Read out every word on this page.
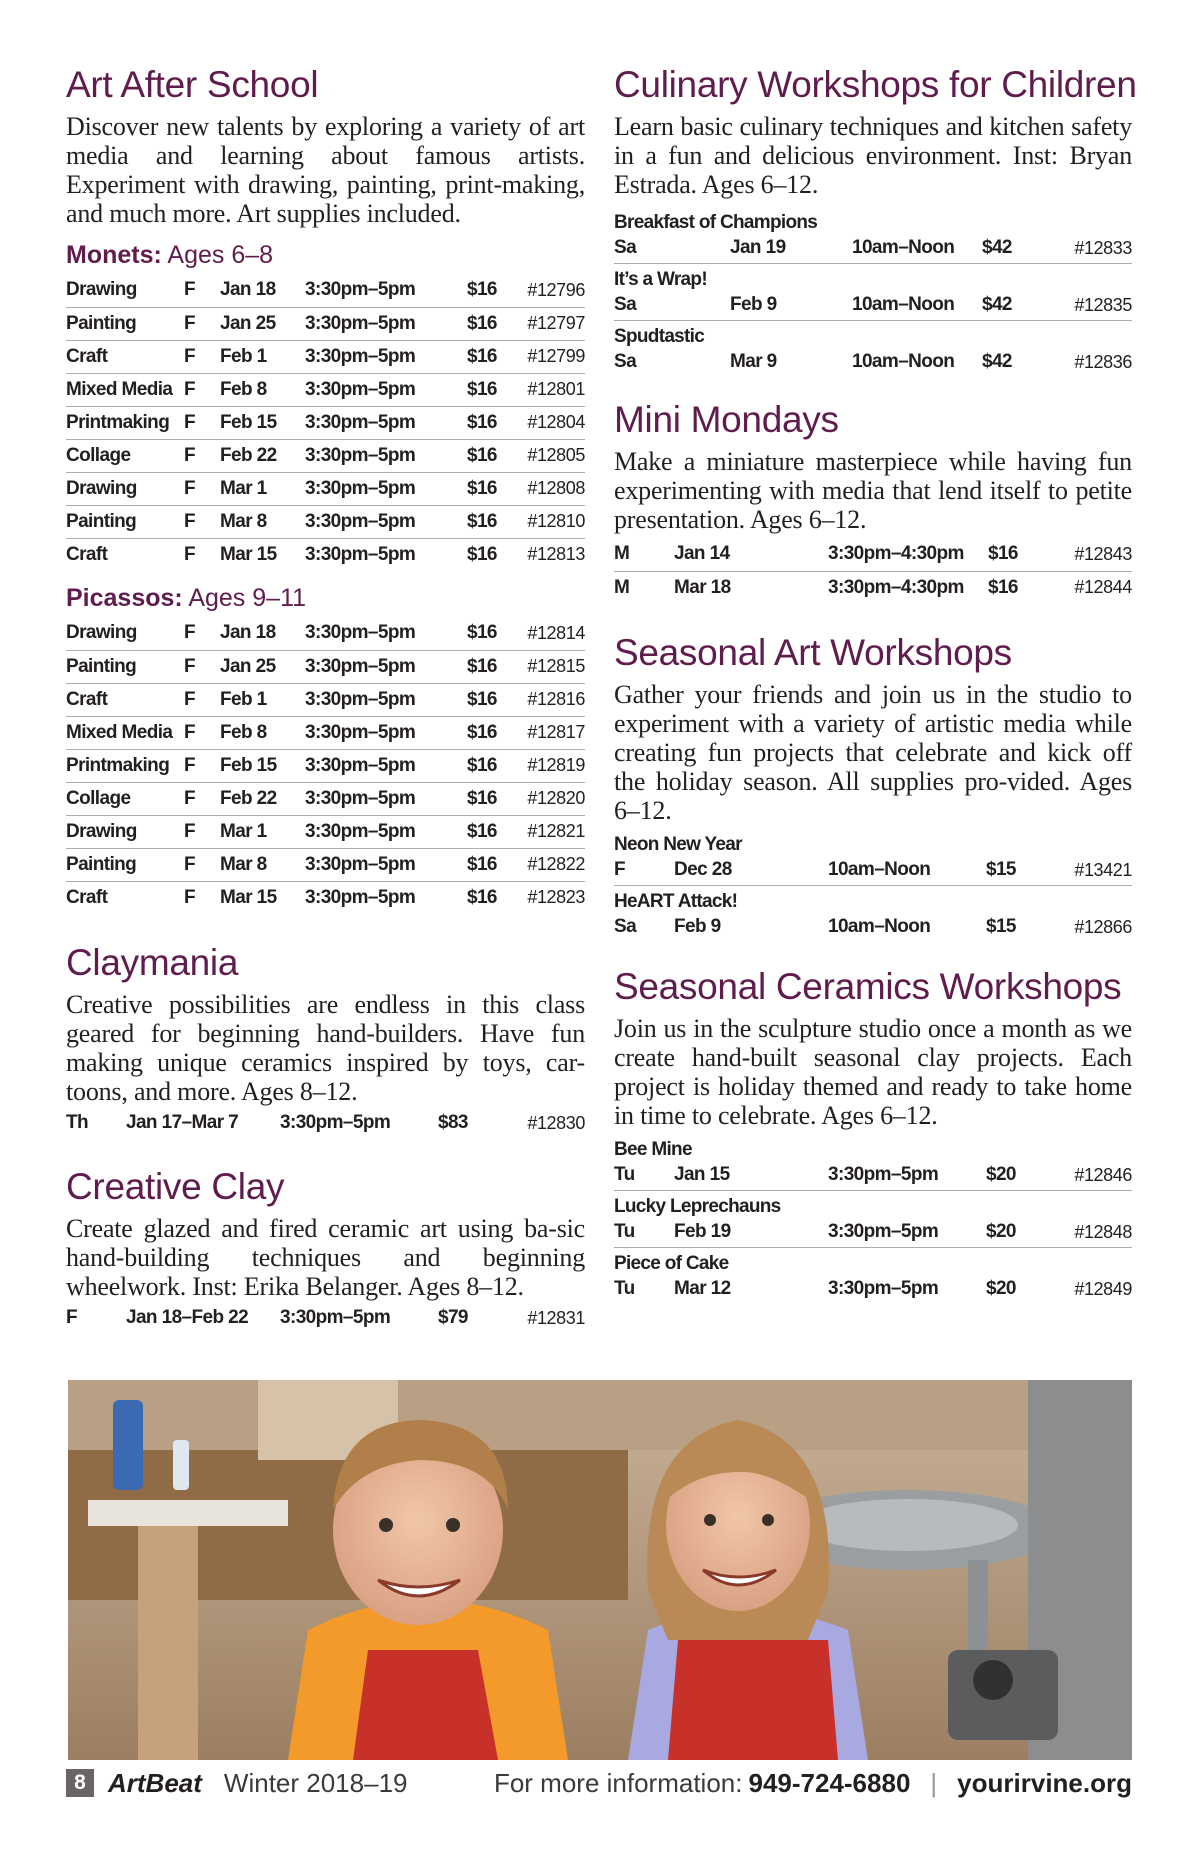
Art After School

Discover new talents by exploring a variety of art media and learning about famous artists. Experiment with drawing, painting, print-making, and much more. Art supplies included.

Monets: Ages 6–8
Drawing	F	Jan 18	3:30pm–5pm	$16	#12796
Painting	F	Jan 25	3:30pm–5pm	$16	#12797
Craft	F	Feb 1	3:30pm–5pm	$16	#12799
Mixed Media	F	Feb 8	3:30pm–5pm	$16	#12801
Printmaking	F	Feb 15	3:30pm–5pm	$16	#12804
Collage	F	Feb 22	3:30pm–5pm	$16	#12805
Drawing	F	Mar 1	3:30pm–5pm	$16	#12808
Painting	F	Mar 8	3:30pm–5pm	$16	#12810
Craft	F	Mar 15	3:30pm–5pm	$16	#12813
Picassos: Ages 9–11
Drawing	F	Jan 18	3:30pm–5pm	$16	#12814
Painting	F	Jan 25	3:30pm–5pm	$16	#12815
Craft	F	Feb 1	3:30pm–5pm	$16	#12816
Mixed Media	F	Feb 8	3:30pm–5pm	$16	#12817
Printmaking	F	Feb 15	3:30pm–5pm	$16	#12819
Collage	F	Feb 22	3:30pm–5pm	$16	#12820
Drawing	F	Mar 1	3:30pm–5pm	$16	#12821
Painting	F	Mar 8	3:30pm–5pm	$16	#12822
Craft	F	Mar 15	3:30pm–5pm	$16	#12823
Claymania

Creative possibilities are endless in this class geared for beginning hand-builders. Have fun making unique ceramics inspired by toys, car-toons, and more. Ages 8–12.

Th	Jan 17–Mar 7	3:30pm–5pm	$83	#12830
Creative Clay

Create glazed and fired ceramic art using ba-sic hand-building techniques and beginning wheelwork. Inst: Erika Belanger. Ages 8–12.

F	Jan 18–Feb 22	3:30pm–5pm	$79	#12831
Culinary Workshops for Children

Learn basic culinary techniques and kitchen safety in a fun and delicious environment. Inst: Bryan Estrada. Ages 6–12.

Breakfast of Champions
Sa	Jan 19	10am–Noon	$42	#12833
It’s a Wrap!
Sa	Feb 9	10am–Noon	$42	#12835
Spudtastic
Sa	Mar 9	10am–Noon	$42	#12836
Mini Mondays

Make a miniature masterpiece while having fun experimenting with media that lend itself to petite presentation. Ages 6–12.

M	Jan 14	3:30pm–4:30pm	$16	#12843
M	Mar 18	3:30pm–4:30pm	$16	#12844
Seasonal Art Workshops

Gather your friends and join us in the studio to experiment with a variety of artistic media while creating fun projects that celebrate and kick off the holiday season. All supplies pro-vided. Ages 6–12.

Neon New Year
F	Dec 28	10am–Noon	$15	#13421
HeART Attack!
Sa	Feb 9	10am–Noon	$15	#12866
Seasonal Ceramics Workshops

Join us in the sculpture studio once a month as we create hand-built seasonal clay projects. Each project is holiday themed and ready to take home in time to celebrate. Ages 6–12.

Bee Mine
Tu	Jan 15	3:30pm–5pm	$20	#12846
Lucky Leprechauns
Tu	Feb 19	3:30pm–5pm	$20	#12848
Piece of Cake
Tu	Mar 12	3:30pm–5pm	$20	#12849
8 ArtBeat Winter 2018–19	For more information: 949-724-6880 | yourirvine.org
